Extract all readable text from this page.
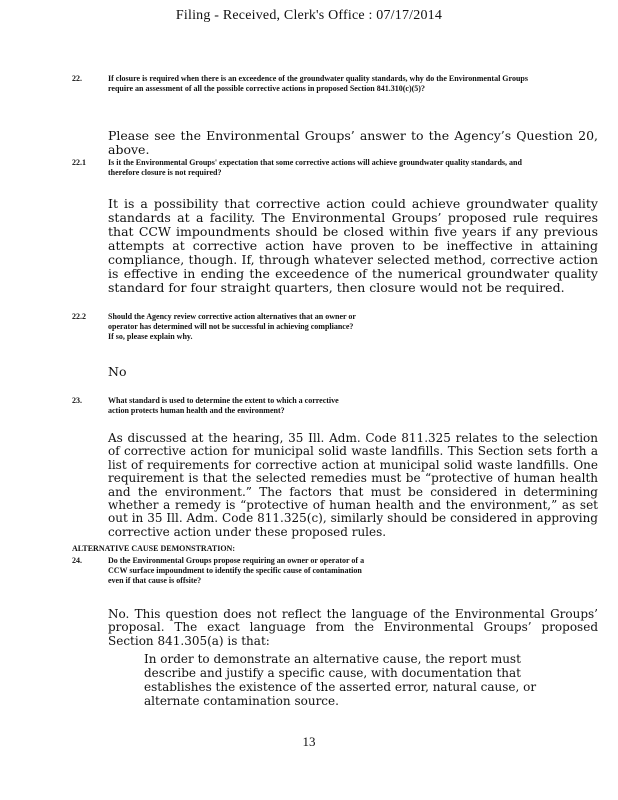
Filing - Received, Clerk's Office : 07/17/2014
22.	If closure is required when there is an exceedence of the groundwater quality standards, why do the Environmental Groups require an assessment of all the possible corrective actions in proposed Section 841.310(c)(5)?
Please see the Environmental Groups’ answer to the Agency’s Question 20, above.
22.1	Is it the Environmental Groups' expectation that some corrective actions will achieve groundwater quality standards, and therefore closure is not required?
It is a possibility that corrective action could achieve groundwater quality standards at a facility. The Environmental Groups’ proposed rule requires that CCW impoundments should be closed within five years if any previous attempts at corrective action have proven to be ineffective in attaining compliance, though. If, through whatever selected method, corrective action is effective in ending the exceedence of the numerical groundwater quality standard for four straight quarters, then closure would not be required.
22.2	Should the Agency review corrective action alternatives that an owner or operator has determined will not be successful in achieving compliance? If so, please explain why.
No
23.	What standard is used to determine the extent to which a corrective action protects human health and the environment?
As discussed at the hearing, 35 Ill. Adm. Code 811.325 relates to the selection of corrective action for municipal solid waste landfills. This Section sets forth a list of requirements for corrective action at municipal solid waste landfills. One requirement is that the selected remedies must be “protective of human health and the environment.” The factors that must be considered in determining whether a remedy is “protective of human health and the environment,” as set out in 35 Ill. Adm. Code 811.325(c), similarly should be considered in approving corrective action under these proposed rules.
ALTERNATIVE CAUSE DEMONSTRATION:
24.	Do the Environmental Groups propose requiring an owner or operator of a CCW surface impoundment to identify the specific cause of contamination even if that cause is offsite?
No. This question does not reflect the language of the Environmental Groups’ proposal. The exact language from the Environmental Groups’ proposed Section 841.305(a) is that:
In order to demonstrate an alternative cause, the report must describe and justify a specific cause, with documentation that establishes the existence of the asserted error, natural cause, or alternate contamination source.
13
